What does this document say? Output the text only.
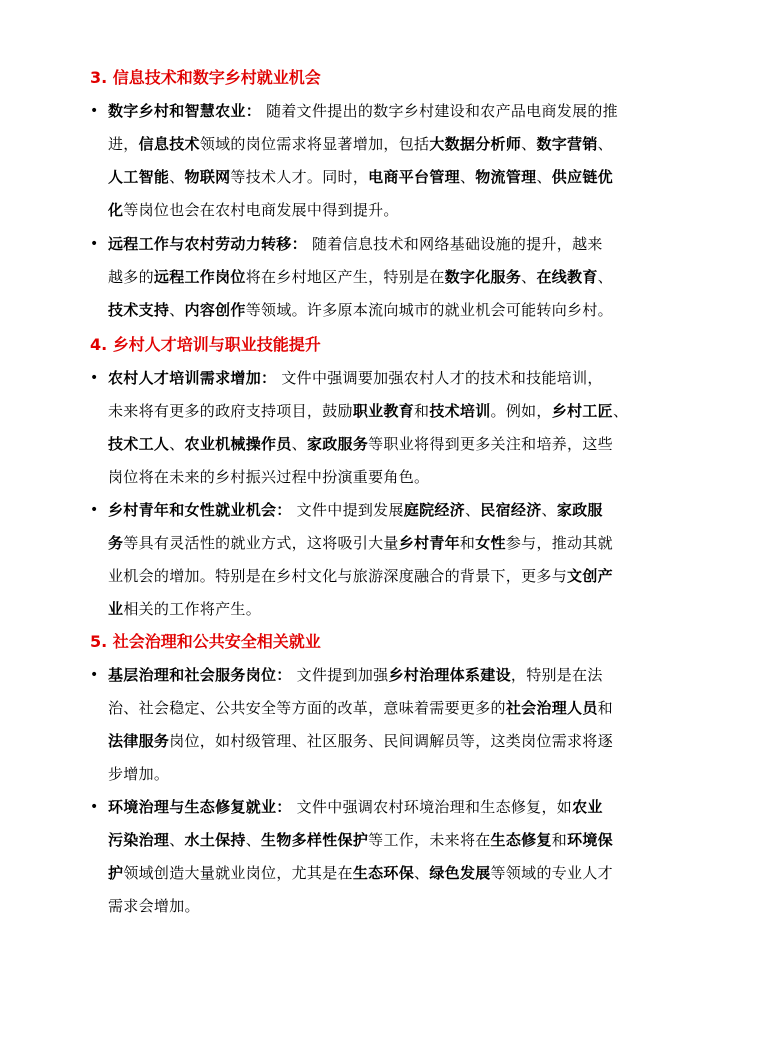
3. 信息技术和数字乡村就业机会
• 数字乡村和智慧农业： 随着文件提出的数字乡村建设和农产品电商发展的推
进，信息技术领域的岗位需求将显著增加，包括大数据分析师、数字营销、
人工智能、物联网等技术人才。同时，电商平台管理、物流管理、供应链优
化等岗位也会在农村电商发展中得到提升。
• 远程工作与农村劳动力转移： 随着信息技术和网络基础设施的提升，越来
越多的远程工作岗位将在乡村地区产生，特别是在数字化服务、在线教育、
技术支持、内容创作等领域。许多原本流向城市的就业机会可能转向乡村。
4. 乡村人才培训与职业技能提升
• 农村人才培训需求增加： 文件中强调要加强农村人才的技术和技能培训，
未来将有更多的政府支持项目，鼓励职业教育和技术培训。例如，乡村工匠、
技术工人、农业机械操作员、家政服务等职业将得到更多关注和培养，这些
岗位将在未来的乡村振兴过程中扮演重要角色。
• 乡村青年和女性就业机会： 文件中提到发展庭院经济、民宿经济、家政服
务等具有灵活性的就业方式，这将吸引大量乡村青年和女性参与，推动其就
业机会的增加。特别是在乡村文化与旅游深度融合的背景下，更多与文创产
业相关的工作将产生。
5. 社会治理和公共安全相关就业
• 基层治理和社会服务岗位： 文件提到加强乡村治理体系建设，特别是在法
治、社会稳定、公共安全等方面的改革，意味着需要更多的社会治理人员和
法律服务岗位，如村级管理、社区服务、民间调解员等，这类岗位需求将逐
步增加。
• 环境治理与生态修复就业： 文件中强调农村环境治理和生态修复，如农业
污染治理、水土保持、生物多样性保护等工作，未来将在生态修复和环境保
护领域创造大量就业岗位，尤其是在生态环保、绿色发展等领域的专业人才
需求会增加。
